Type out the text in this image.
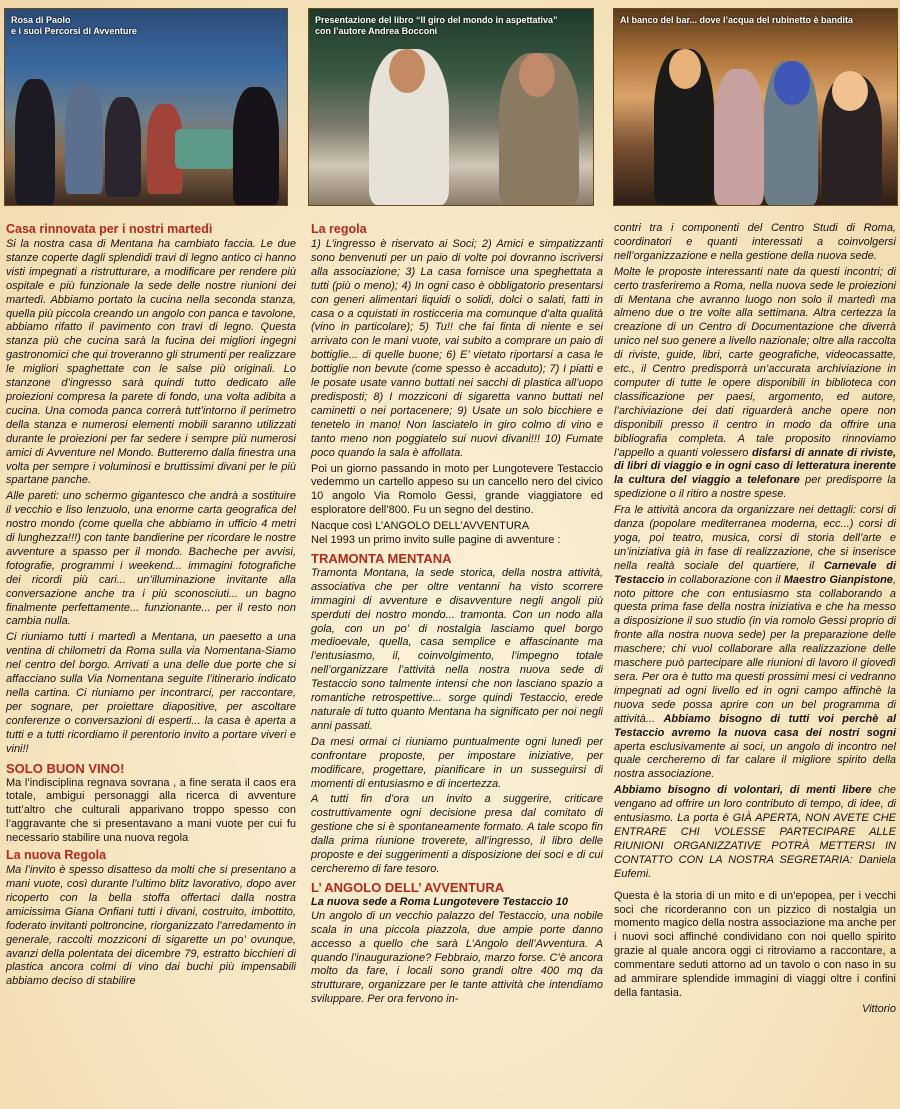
Rosa di Paolo
e i suoi Percorsi di Avventure
Presentazione del libro “Il giro del mondo in aspettativa”
con l’autore Andrea Bocconi
Al banco del bar... dove l’acqua del rubinetto è bandita
Casa rinnovata per i nostri martedì

Si la nostra casa di Mentana ha cambiato faccia. Le due stanze coperte dagli splendidi travi di legno antico ci hanno visti impegnati a ristrutturare, a modificare per rendere più ospitale e più funzionale la sede delle nostre riunioni dei martedì. Abbiamo portato la cucina nella seconda stanza, quella più piccola creando un angolo con panca e tavolone, abbiamo rifatto il pavimento con travi di legno. Questa stanza più che cucina sarà la fucina dei migliori ingegni gastronomici che qui troveranno gli strumenti per realizzare le migliori spaghettate con le salse più originali. Lo stanzone d’ingresso sarà quindi tutto dedicato alle proiezioni compresa la parete di fondo, una volta adibita a cucina. Una comoda panca correrà tutt’intorno il perimetro della stanza e numerosi elementi mobili saranno utilizzati durante le proiezioni per far sedere i sempre più numerosi amici di Avventure nel Mondo. Butteremo dalla finestra una volta per sempre i voluminosi e bruttissimi divani per le più spartane panche.

Alle pareti: uno schermo gigantesco che andrà a sostituire il vecchio e liso lenzuolo, una enorme carta geografica del nostro mondo (come quella che abbiamo in ufficio 4 metri di lunghezza!!!) con tante bandierine per ricordare le nostre avventure a spasso per il mondo. Bacheche per avvisi, fotografie, programmi i weekend... immagini fotografiche dei ricordi più cari... un’illuminazione invitante alla conversazione anche tra i più sconosciuti... un bagno finalmente perfettamente... funzionante... per il resto non cambia nulla.

Ci riuniamo tutti i martedì a Mentana, un paesetto a una ventina di chilometri da Roma sulla via Nomentana-Siamo nel centro del borgo. Arrivati a una delle due porte che si affacciano sulla Via Nomentana seguite l’itinerario indicato nella cartina. Ci riuniamo per incontrarci, per raccontare, per sognare, per proiettare diapositive, per ascoltare conferenze o conversazioni di esperti... la casa è aperta a tutti e a tutti ricordiamo il perentorio invito a portare viveri e vini!!

SOLO BUON VINO!

Ma l’indisciplina regnava sovrana , a fine serata il caos era totale, ambigui personaggi alla ricerca di avventure tutt’altro che culturali apparivano troppo spesso con l’aggravante che si presentavano a mani vuote per cui fu necessario stabilire una nuova regola

La nuova Regola

Ma l’invito è spesso disatteso da molti che si presentano a mani vuote, così durante l’ultimo blitz lavorativo, dopo aver ricoperto con la bella stoffa offertaci dalla nostra amicissima Giana Onfiani tutti i divani, costruito, imbottito, foderato invitanti poltroncine, riorganizzato l’arredamento in generale, raccolti mozziconi di sigarette un po’ ovunque, avanzi della polentata dei dicembre 79, estratto bicchieri di plastica ancora colmi di vino dai buchi più impensabili abbiamo deciso di stabilire

La regola

1) L’ingresso è riservato ai Soci; 2) Amici e simpatizzanti sono benvenuti per un paio di volte poi dovranno iscriversi alla associazione; 3) La casa fornisce una speghettata a tutti (più o meno); 4) In ogni caso è obbligatorio presentarsi con generi alimentari liquidi o solidi, dolci o salati, fatti in casa o a cquistati in rosticceria ma comunque d’alta qualità (vino in particolare); 5) Tu!! che fai finta di niente e sei arrivato con le mani vuote, vai subito a comprare un paio di bottiglie... di quelle buone; 6) E’ vietato riportarsi a casa le bottiglie non bevute (come spesso è accaduto); 7) I piatti e le posate usate vanno buttati nei sacchi di plastica all’uopo predisposti; 8) I mozziconi di sigaretta vanno buttati nel caminetti o nei portacenere; 9) Usate un solo bicchiere e tenetelo in mano! Non lasciatelo in giro colmo di vino e tanto meno non poggiatelo sui nuovi divani!!! 10) Fumate poco quando la sala è affollata.

Poi un giorno passando in moto per Lungotevere Testaccio vedemmo un cartello appeso su un cancello nero del civico 10 angolo Via Romolo Gessi, grande viaggiatore ed esploratore dell’800. Fu un segno del destino.

Nacque così L’ANGOLO DELL’AVVENTURA

Nel 1993 un primo invito sulle pagine di avventure :

TRAMONTA MENTANA

Tramonta Montana, la sede storica, della nostra attività, associativa che per oltre ventanni ha visto scorrere immagini di avventure e disavventure negli angoli più sperduti dei nostro mondo... tramonta. Con un nodo alla gola, con un po’ di nostalgia lasciamo quel borgo medioevale, quella, casa semplice e affascinante ma l’entusiasmo, il, coinvolgimento, l’impegno totale nell’organizzare l’attività nella nostra nuova sede di Testaccio sono talmente intensi che non lasciano spazio a romantiche retrospettive... sorge quindi Testaccio, erede naturale di tutto quanto Mentana ha significato per noi negli anni passati.

Da mesi ormai ci riuniamo puntualmente ogni lunedì per confrontare proposte, per impostare iniziative, per modificare, progettare, pianificare in un susseguirsi di momenti di entusiasmo e di incertezza.

A tutti fin d’ora un invito a suggerire, criticare costruttivamente ogni decisione presa dal comitato di gestione che si è spontaneamente formato. A tale scopo fin dalla prima riunione troverete, all’ingresso, il libro delle proposte e dei suggerimenti a disposizione dei soci e di cui cercheremo di fare tesoro.

L’ ANGOLO DELL’ AVVENTURA
La nuova sede a Roma Lungotevere Testaccio 10

Un angolo di un vecchio palazzo del Testaccio, una nobile scala in una piccola piazzola, due ampie porte danno accesso a quello che sarà L’Angolo dell’Avventura. A quando l’inaugurazione? Febbraio, marzo forse. C’è ancora molto da fare, i locali sono grandi oltre 400 mq da strutturare, organizzare per le tante attività che intendiamo sviluppare. Per ora fervono in-

contri tra i componenti del Centro Studi di Roma, coordinatori e quanti interessati a coinvolgersi nell’organizzazione e nella gestione della nuova sede.

Molte le proposte interessanti nate da questi incontri; di certo trasferiremo a Roma, nella nuova sede le proiezioni di Mentana che avranno luogo non solo il martedì ma almeno due o tre volte alla settimana. Altra certezza la creazione di un Centro di Documentazione che diverrà unico nel suo genere a livello nazionale; oltre alla raccolta di riviste, guide, libri, carte geografiche, videocassatte, etc., il Centro predisporrà un’accurata archiviazione in computer di tutte le opere disponibili in biblioteca con classificazione per paesi, argomento, ed autore, l’archiviazione dei dati riguarderà anche opere non disponibili presso il centro in modo da offrire una bibliografia completa. A tale proposito rinnoviamo l’appello a quanti volessero disfarsi di annate di riviste, di libri di viaggio e in ogni caso di letteratura inerente la cultura del viaggio a telefonare per predisporre la spedizione o il ritiro a nostre spese.

Fra le attività ancora da organizzare nei dettagli: corsi di danza (popolare mediterranea moderna, ecc...) corsi di yoga, poi teatro, musica, corsi di storia dell’arte e un’iniziativa già in fase di realizzazione, che si inserisce nella realtà sociale del quartiere, il Carnevale di Testaccio in collaborazione con il Maestro Gianpistone, noto pittore che con entusiasmo sta collaborando a questa prima fase della nostra iniziativa e che ha messo a disposizione il suo studio (in via romolo Gessi proprio di fronte alla nostra nuova sede) per la preparazione delle maschere; chi vuol collaborare alla realizzazione delle maschere può partecipare alle riunioni di lavoro il giovedì sera. Per ora è tutto ma questi prossimi mesi ci vedranno impegnati ad ogni livello ed in ogni campo affinchè la nuova sede possa aprire con un bel programma di attività... Abbiamo bisogno di tutti voi perchè al Testaccio avremo la nuova casa dei nostri sogni aperta esclusivamente ai soci, un angolo di incontro nel quale cercheremo di far calare il migliore spirito della nostra associazione.

Abbiamo bisogno di volontari, di menti libere che vengano ad offrire un loro contributo di tempo, di idee, di entusiasmo. La porta è GIÀ APERTA, NON AVETE CHE ENTRARE CHI VOLESSE PARTECIPARE ALLE RIUNIONI ORGANIZZATIVE POTRÀ METTERSI IN CONTATTO CON LA NOSTRA SEGRETARIA: Daniela Eufemi.

Questa è la storia di un mito e di un’epopea, per i vecchi soci che ricorderanno con un pizzico di nostalgia un momento magico della nostra associazione ma anche per i nuovi soci affinché condividano con noi quello spirito grazie al quale ancora oggi ci ritroviamo a raccontare, a commentare seduti attorno ad un tavolo o con naso in su ad ammirare splendide immagini di viaggi oltre i confini della fantasia.

Vittorio
